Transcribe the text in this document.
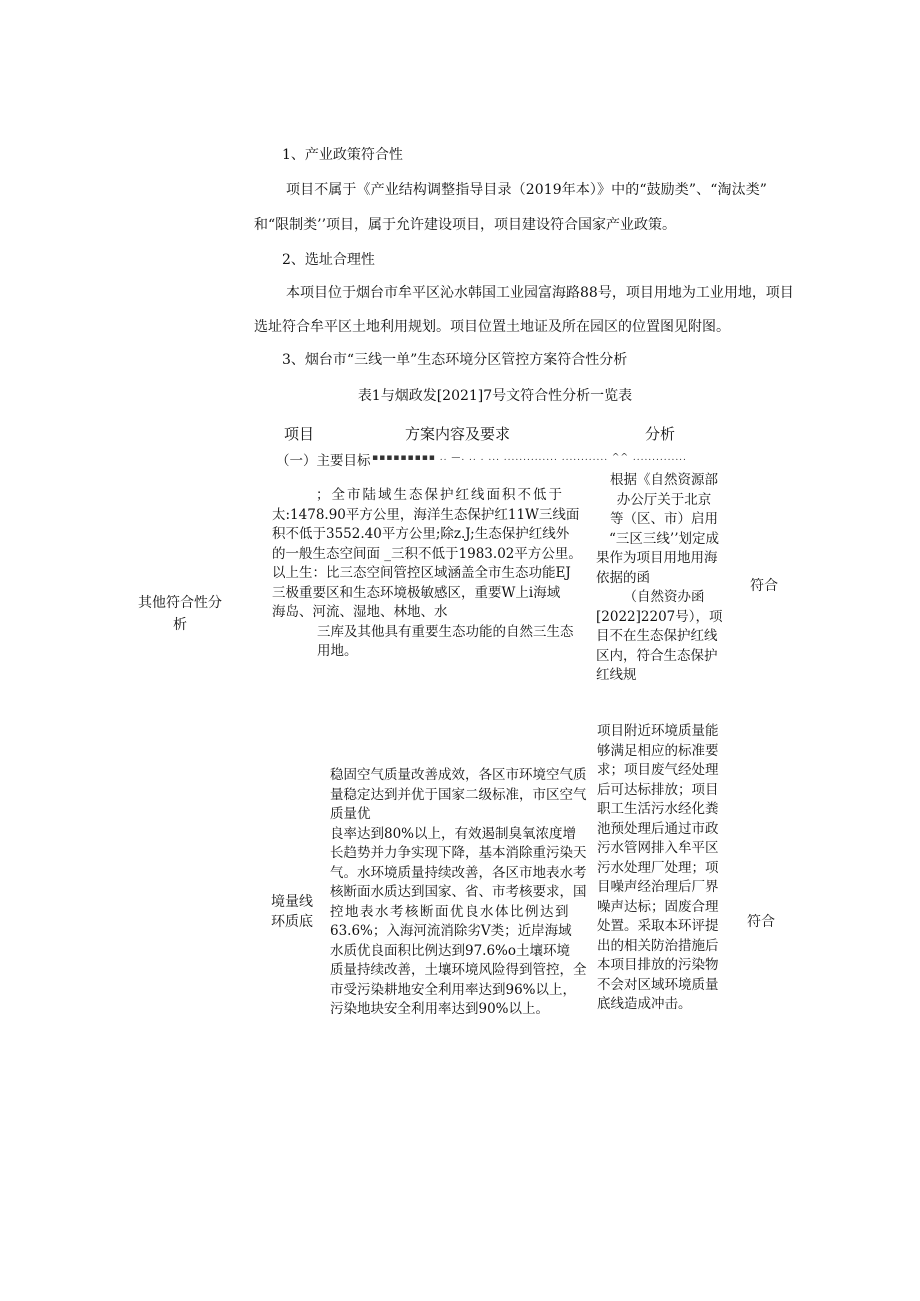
1、产业政策符合性
项目不属于《产业结构调整指导目录（2019年本）》中的“鼓励类”、“淘汰类”
和“限制类’’项目，属于允许建设项目，项目建设符合国家产业政策。
2、选址合理性
本项目位于烟台市牟平区沁水韩国工业园富海路88号，项目用地为工业用地，项目
选址符合牟平区土地利用规划。项目位置土地证及所在园区的位置图见附图。
3、烟台市“三线一单”生态环境分区管控方案符合性分析
表1与烟政发[2021]7号文符合性分析一览表
项目	方案内容及要求	分析
（一）主要目标 ▪▪▪▪▪▪▪▪▪ .. —. .. . ... .............. ............ ^^ ..............
其他符合性分
析
；全市陆域生态保护红线面积不低于
太:1478.90平方公里，海洋生态保护红11W三线面
积不低于3552.40平方公里;除z.J;生态保护红线外
的一般生态空间面 _三积不低于1983.02平方公里。
以上生：比三态空间管控区域涵盖全市生态功能EJ
三极重要区和生态环境极敏感区，重要W上i海域
海岛、河流、湿地、林地、水
三库及其他具有重要生态功能的自然三生态
用地。
根据《自然资源部
办公厅关于北京
等（区、市）启用
“三区三线’’划定成
果作为项目用地用海
依据的函
（自然资办函
[2022]2207号），项
目不在生态保护红线
区内，符合生态保护
红线规
符合
境量线
环质底
稳固空气质量改善成效，各区市环境空气质
量稳定达到并优于国家二级标准，市区空气
质量优
良率达到80%以上，有效遏制臭氧浓度增
长趋势并力争实现下降，基本消除重污染天
气。水环境质量持续改善，各区市地表水考
核断面水质达到国家、省、市考核要求，国
控地表水考核断面优良水体比例达到
63.6%；入海河流消除劣Ⅴ类；近岸海域
水质优良面积比例达到97.6%o土壤环境
质量持续改善，土壤环境风险得到管控，全
市受污染耕地安全利用率达到96%以上，
污染地块安全利用率达到90%以上。
项目附近环境质量能
够满足相应的标准要
求；项目废气经处理
后可达标排放；项目
职工生活污水经化粪
池预处理后通过市政
污水管网排入牟平区
污水处理厂处理；项
目噪声经治理后厂界
噪声达标；固废合理
处置。采取本环评提
出的相关防治措施后
本项目排放的污染物
不会对区域环境质量
底线造成冲击。
符合
